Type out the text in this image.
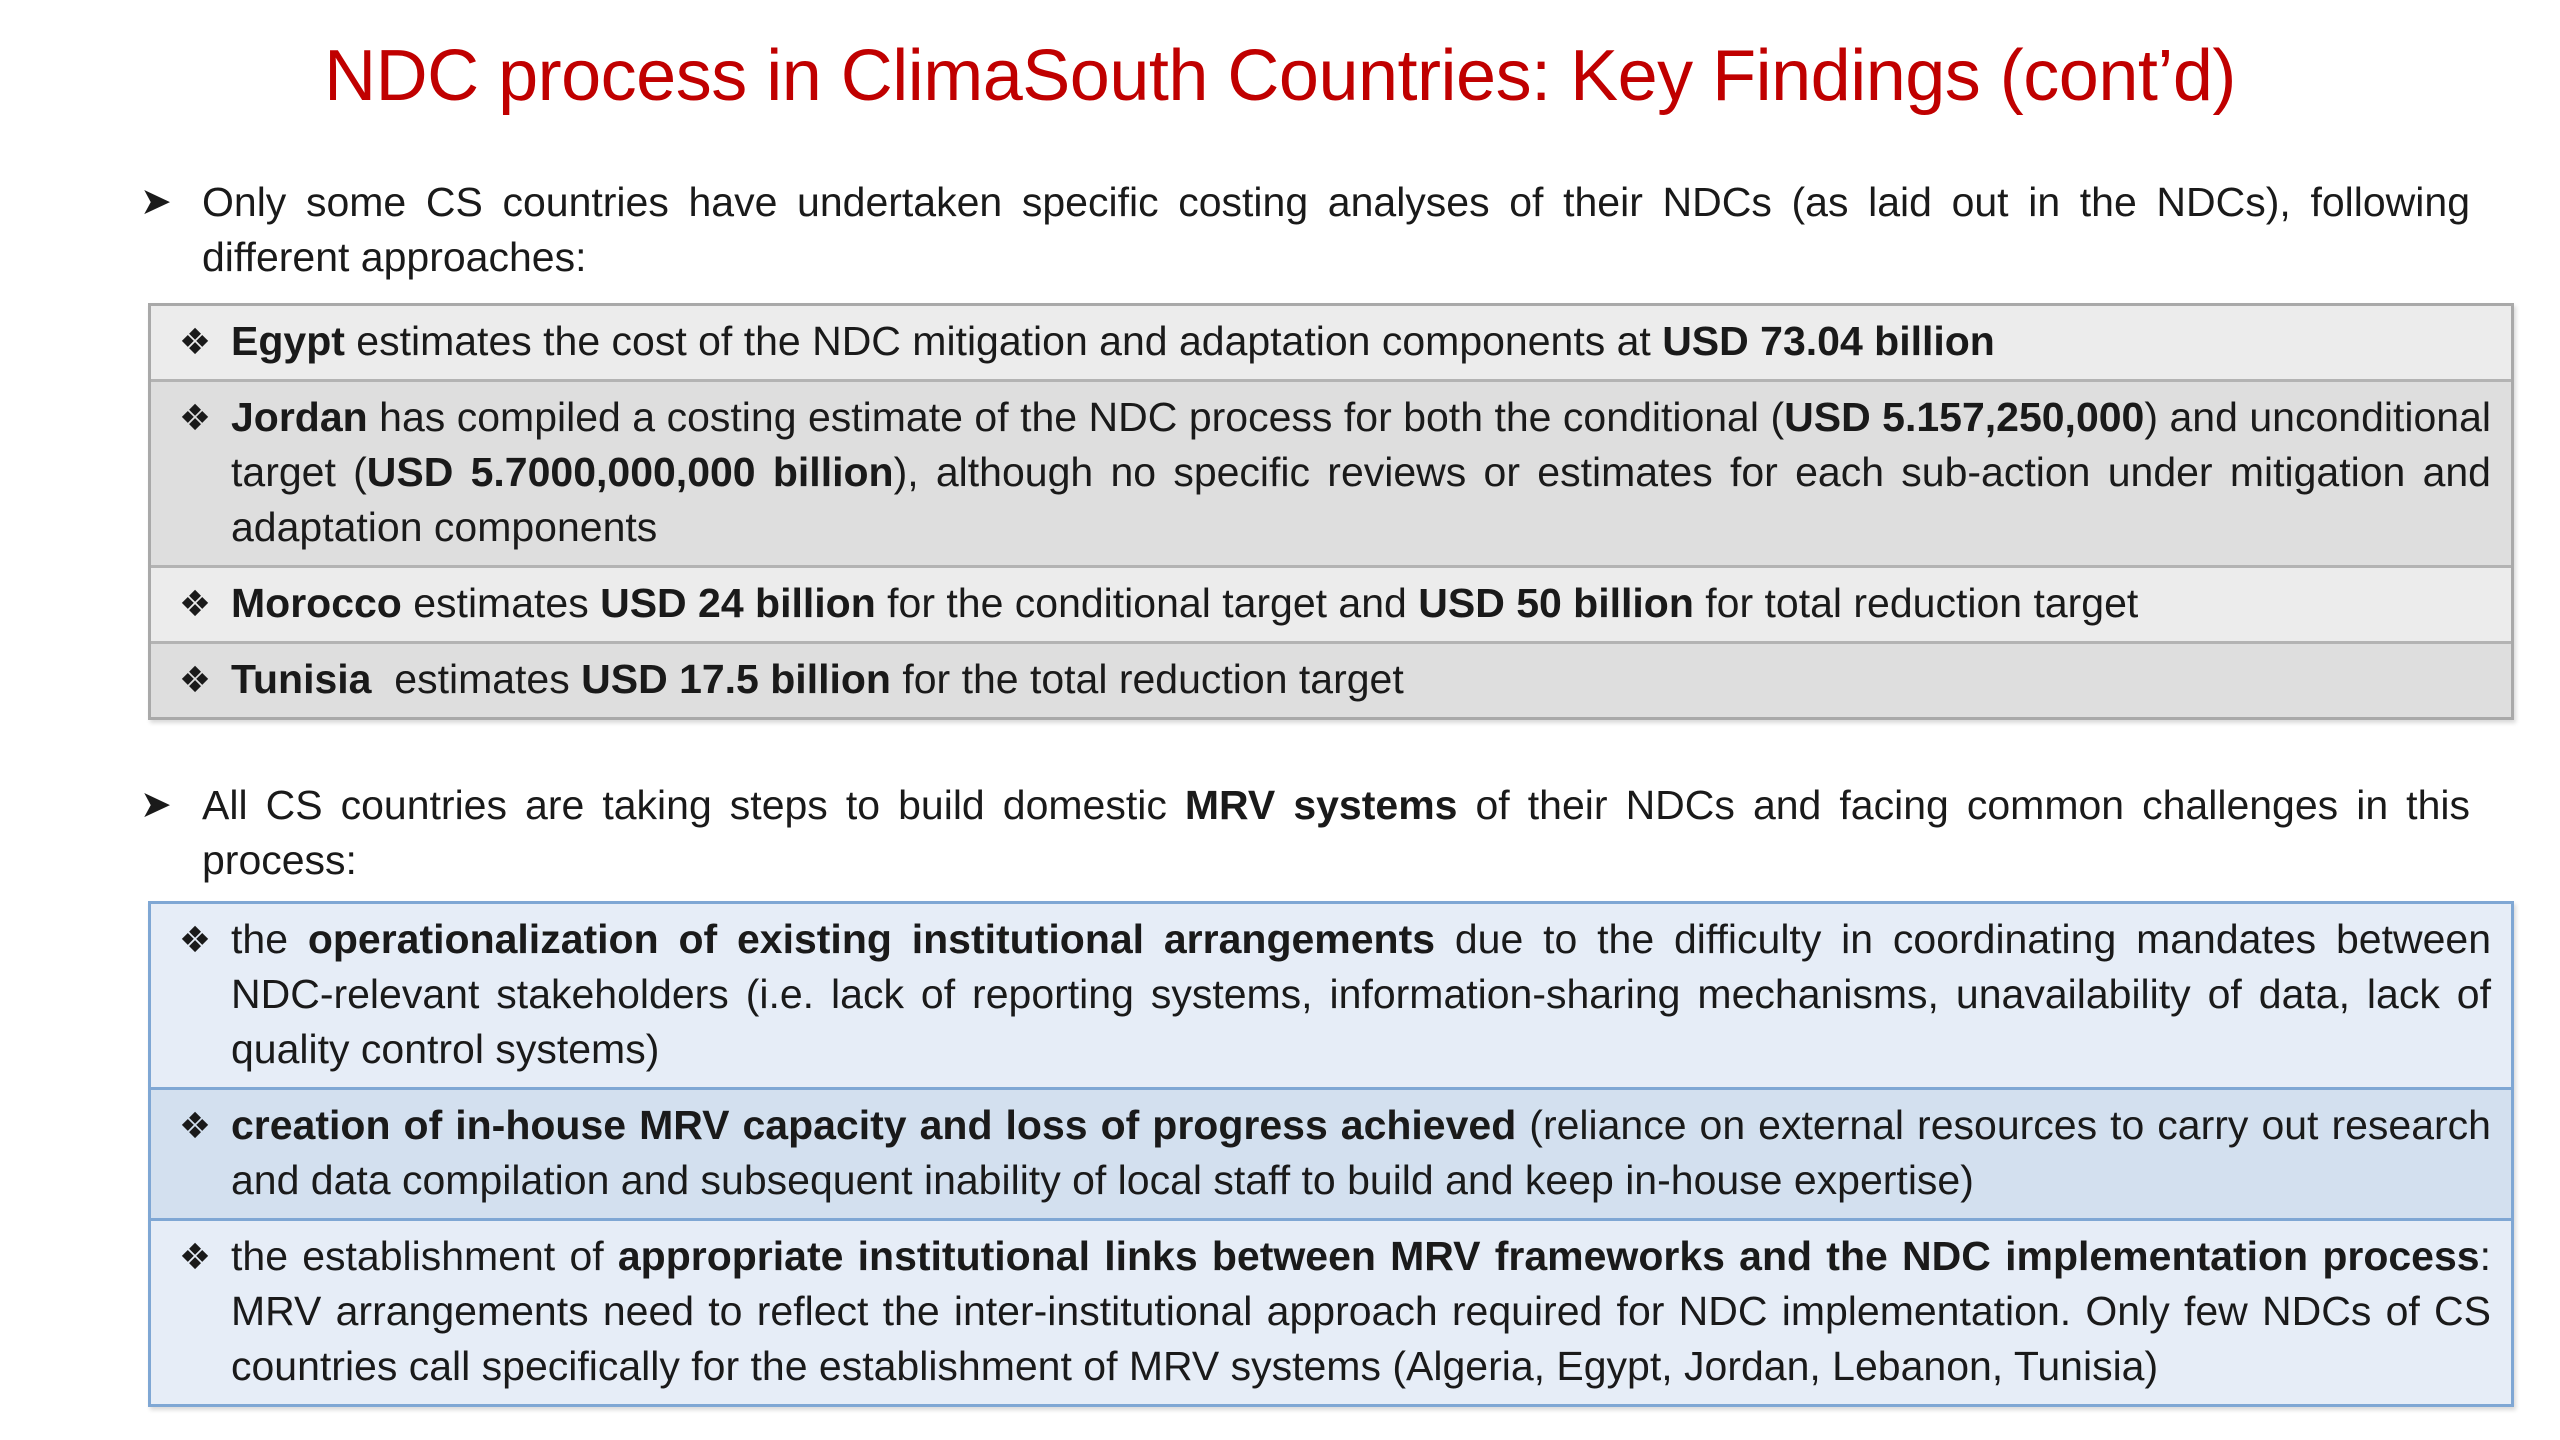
NDC process in ClimaSouth Countries: Key Findings (cont’d)
➤ Only some CS countries have undertaken specific costing analyses of their NDCs (as laid out in the NDCs), following different approaches:
❖ Egypt estimates the cost of the NDC mitigation and adaptation components at USD 73.04 billion
❖ Jordan has compiled a costing estimate of the NDC process for both the conditional (USD 5.157,250,000) and unconditional target (USD 5.7000,000,000 billion), although no specific reviews or estimates for each sub-action under mitigation and adaptation components
❖ Morocco estimates USD 24 billion for the conditional target and USD 50 billion for total reduction target
❖ Tunisia  estimates USD 17.5 billion for the total reduction target
➤ All CS countries are taking steps to build domestic MRV systems of their NDCs and facing common challenges in this process:
❖ the operationalization of existing institutional arrangements due to the difficulty in coordinating mandates between NDC-relevant stakeholders (i.e. lack of reporting systems, information-sharing mechanisms, unavailability of data, lack of quality control systems)
❖ creation of in-house MRV capacity and loss of progress achieved (reliance on external resources to carry out research and data compilation and subsequent inability of local staff to build and keep in-house expertise)
❖ the establishment of appropriate institutional links between MRV frameworks and the NDC implementation process: MRV arrangements need to reflect the inter-institutional approach required for NDC implementation. Only few NDCs of CS countries call specifically for the establishment of MRV systems (Algeria, Egypt, Jordan, Lebanon, Tunisia)
